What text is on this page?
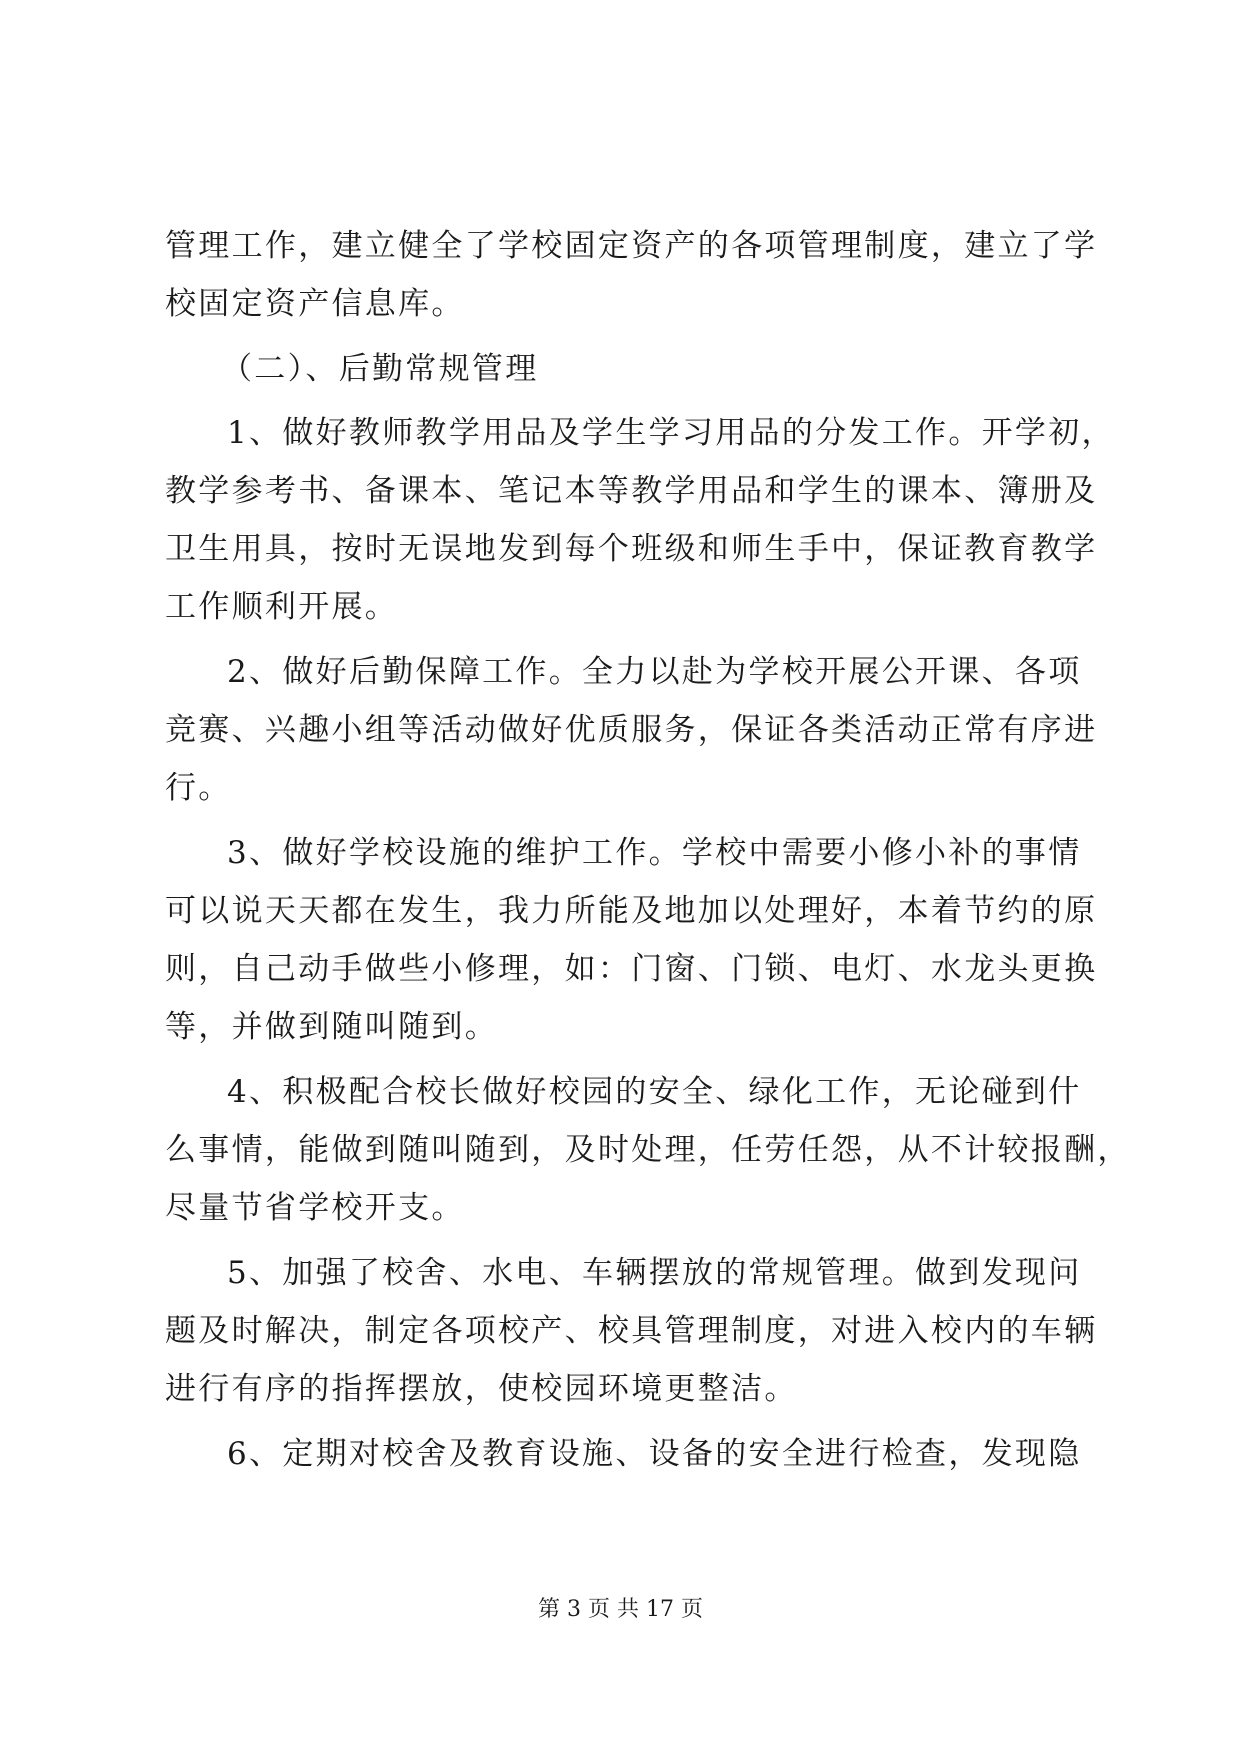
管理工作，建立健全了学校固定资产的各项管理制度，建立了学
校固定资产信息库。
（二）、后勤常规管理
1、做好教师教学用品及学生学习用品的分发工作。开学初，
教学参考书、备课本、笔记本等教学用品和学生的课本、簿册及
卫生用具，按时无误地发到每个班级和师生手中，保证教育教学
工作顺利开展。
2、做好后勤保障工作。全力以赴为学校开展公开课、各项
竞赛、兴趣小组等活动做好优质服务，保证各类活动正常有序进
行。
3、做好学校设施的维护工作。学校中需要小修小补的事情
可以说天天都在发生，我力所能及地加以处理好，本着节约的原
则，自己动手做些小修理，如：门窗、门锁、电灯、水龙头更换
等，并做到随叫随到。
4、积极配合校长做好校园的安全、绿化工作，无论碰到什
么事情，能做到随叫随到，及时处理，任劳任怨，从不计较报酬，
尽量节省学校开支。
5、加强了校舍、水电、车辆摆放的常规管理。做到发现问
题及时解决，制定各项校产、校具管理制度，对进入校内的车辆
进行有序的指挥摆放，使校园环境更整洁。
6、定期对校舍及教育设施、设备的安全进行检查，发现隐
第 3 页 共 17 页
